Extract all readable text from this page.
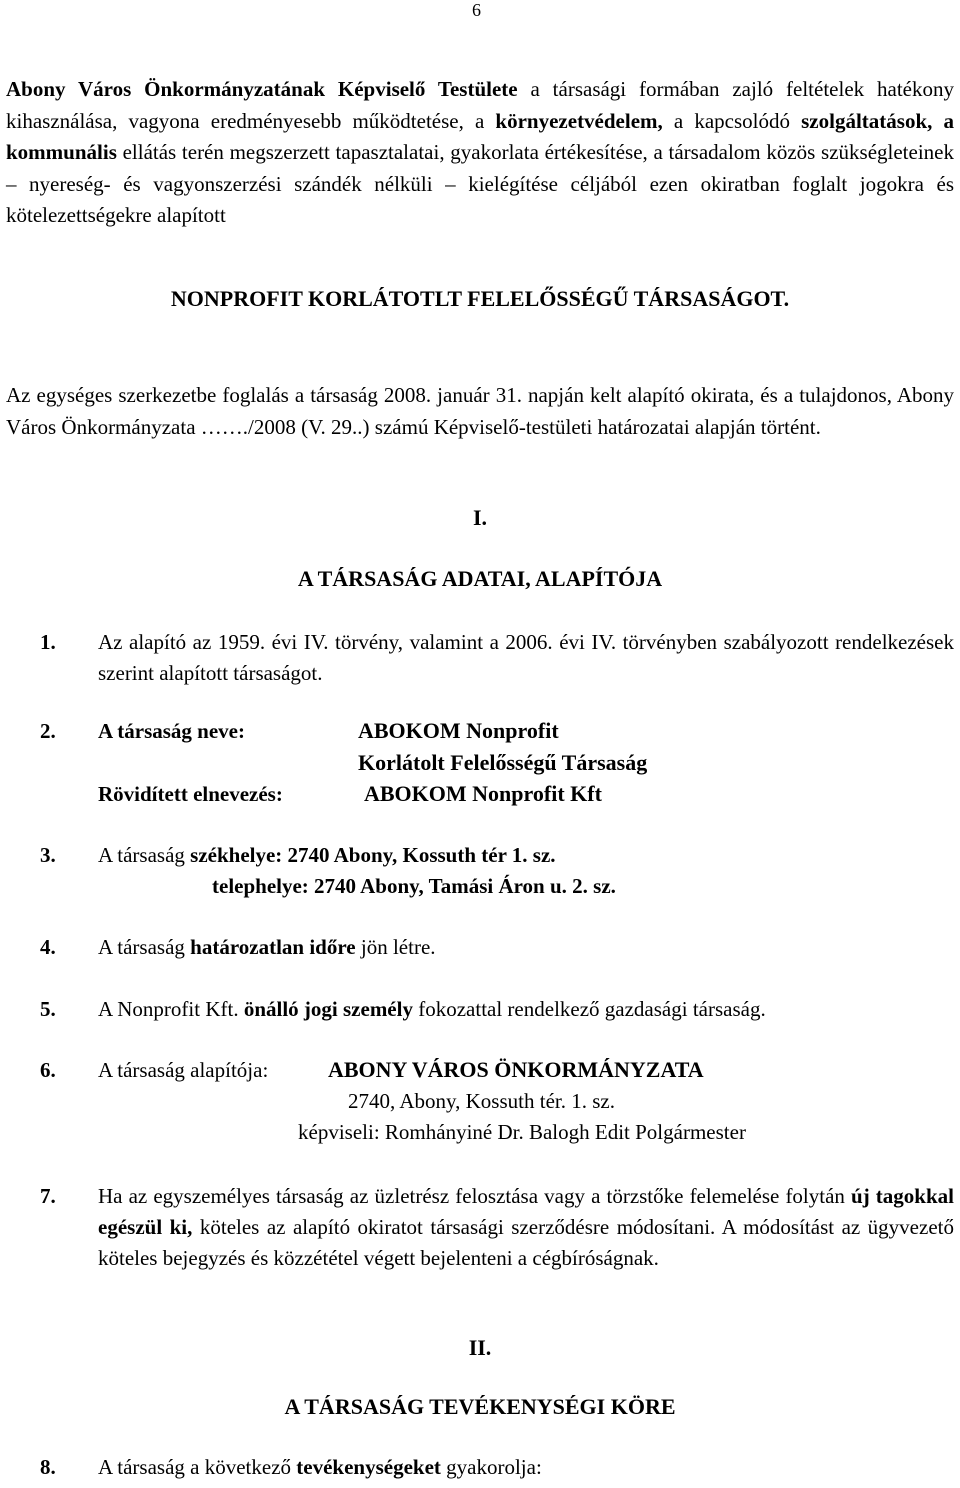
6
Abony Város Önkormányzatának Képviselő Testülete a társasági formában zajló feltételek hatékony kihasználása, vagyona eredményesebb működtetése, a környezetvédelem, a kapcsolódó szolgáltatások, a kommunális ellátás terén megszerzett tapasztalatai, gyakorlata értékesítése, a társadalom közös szükségleteinek – nyereség- és vagyonszerzési szándék nélküli – kielégítése céljából ezen okiratban foglalt jogokra és kötelezettségekre alapított
NONPROFIT KORLÁTOTLT FELELŐSSÉGŰ TÁRSASÁGOT.
Az egységes szerkezetbe foglalás a társaság 2008. január 31. napján kelt alapító okirata, és a tulajdonos, Abony Város Önkormányzata ……./2008 (V. 29..) számú Képviselő-testületi határozatai alapján történt.
I.
A TÁRSASÁG ADATAI, ALAPÍTÓJA
1. Az alapító az 1959. évi IV. törvény, valamint a 2006. évi IV. törvényben szabályozott rendelkezések szerint alapított társaságot.
2. A társaság neve:	ABOKOM Nonprofit
Korlátolt Felelősségű Társaság
Rövidített elnevezés:	ABOKOM Nonprofit Kft
3. A társaság székhelye: 2740 Abony, Kossuth tér 1. sz.
telephelye: 2740 Abony, Tamási Áron u. 2. sz.
4. A társaság határozatlan időre jön létre.
5. A Nonprofit Kft. önálló jogi személy fokozattal rendelkező gazdasági társaság.
6. A társaság alapítója:	ABONY VÁROS ÖNKORMÁNYZATA
2740, Abony, Kossuth tér. 1. sz.
képviseli: Romhányiné Dr. Balogh Edit Polgármester
7. Ha az egyszemélyes társaság az üzletrész felosztása vagy a törzstőke felemelése folytán új tagokkal egészül ki, köteles az alapító okiratot társasági szerződésre módosítani. A módosítást az ügyvezető köteles bejegyzés és közzététel végett bejelenteni a cégbíróságnak.
II.
A TÁRSASÁG TEVÉKENYSÉGI KÖRE
8. A társaság a következő tevékenységeket gyakorolja:
